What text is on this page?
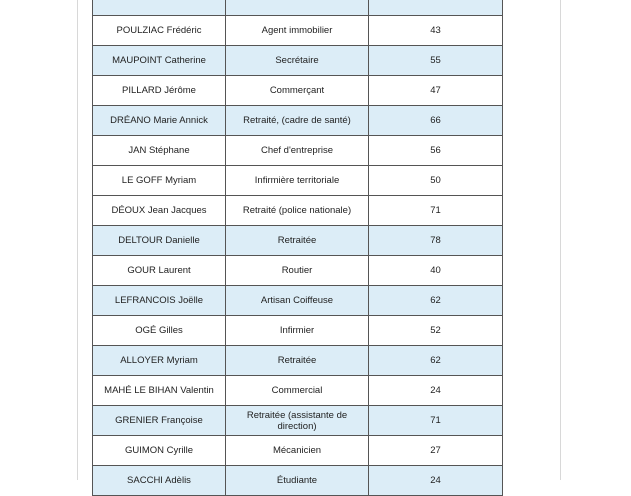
POULZIAC Frédéric	Agent immobilier	43
MAUPOINT Catherine	Secrétaire	55
PILLARD Jérôme	Commerçant	47
DRÉANO Marie Annick	Retraité, (cadre de santé)	66
JAN Stéphane	Chef d'entreprise	56
LE GOFF Myriam	Infirmière territoriale	50
DÉOUX Jean Jacques	Retraité (police nationale)	71
DELTOUR Danielle	Retraitée	78
GOUR Laurent	Routier	40
LEFRANCOIS Joëlle	Artisan Coiffeuse	62
OGÉ Gilles	Infirmier	52
ALLOYER Myriam	Retraitée	62
MAHÉ LE BIHAN Valentin	Commercial	24
GRENIER Françoise	Retraitée (assistante de direction)	71
GUIMON Cyrille	Mécanicien	27
SACCHI Adèlis	Étudiante	24
